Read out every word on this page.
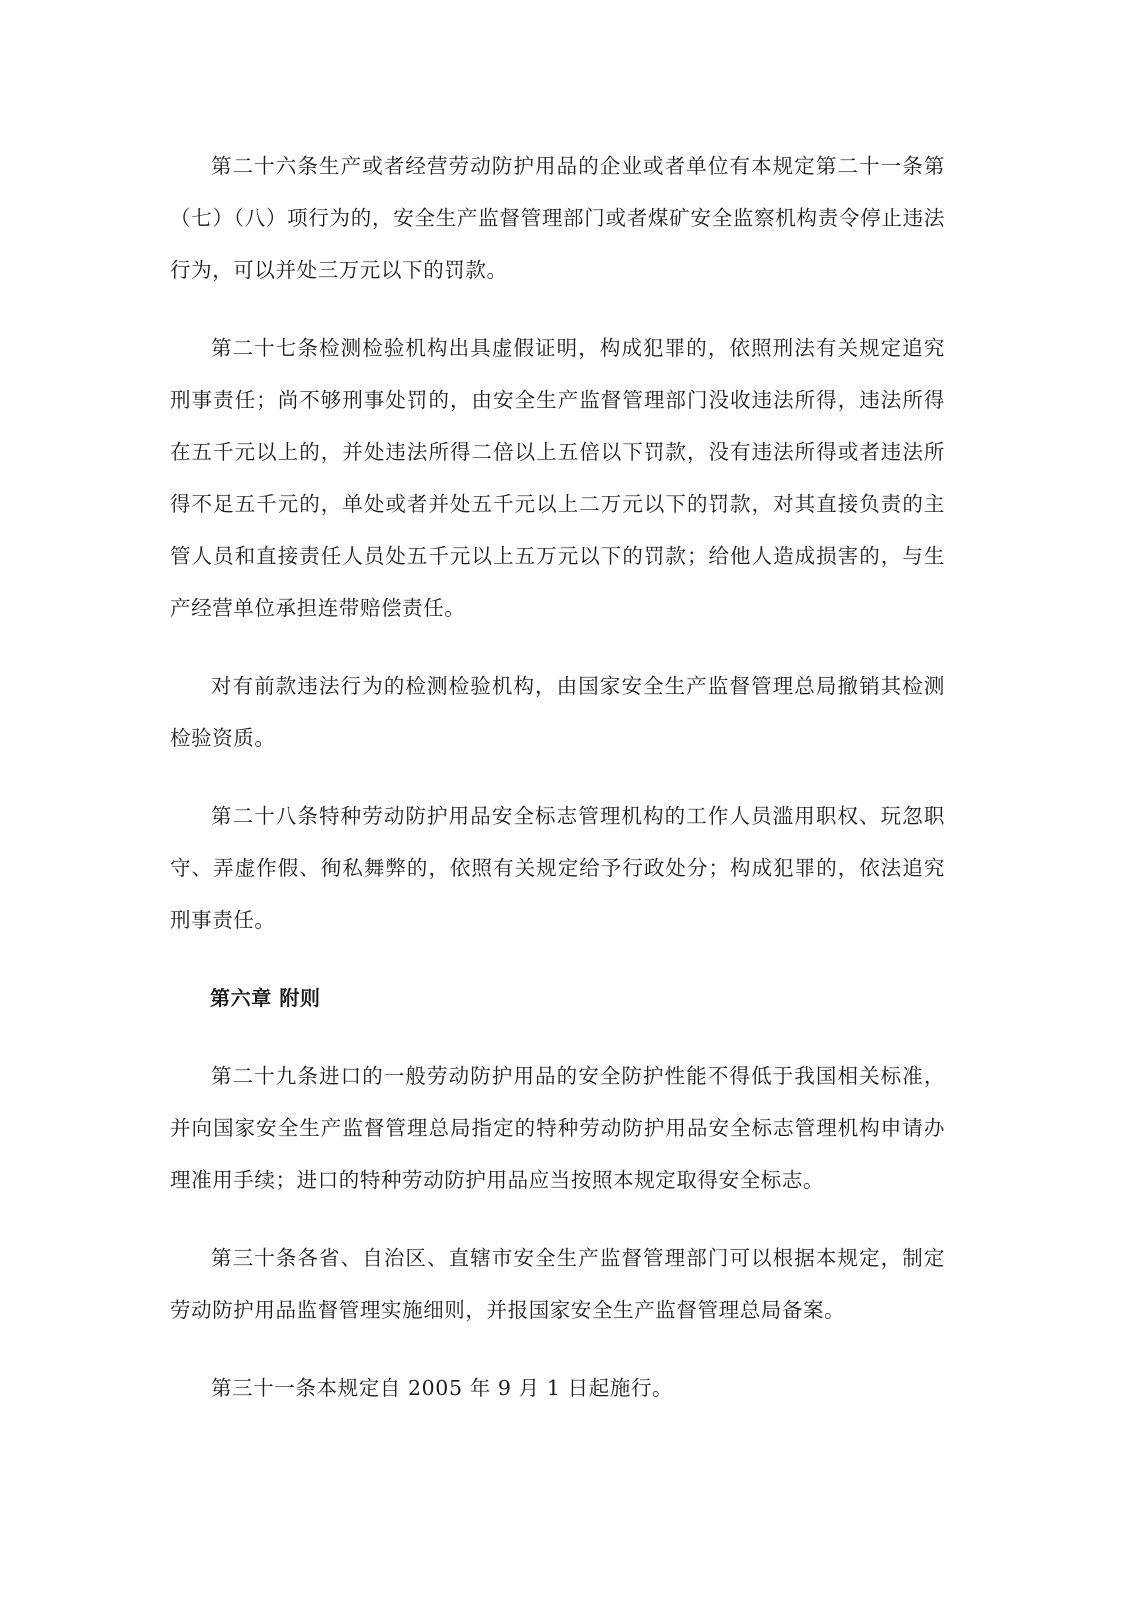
第二十六条生产或者经营劳动防护用品的企业或者单位有本规定第二十一条第（七）（八）项行为的，安全生产监督管理部门或者煤矿安全监察机构责令停止违法行为，可以并处三万元以下的罚款。

第二十七条检测检验机构出具虚假证明，构成犯罪的，依照刑法有关规定追究刑事责任；尚不够刑事处罚的，由安全生产监督管理部门没收违法所得，违法所得在五千元以上的，并处违法所得二倍以上五倍以下罚款，没有违法所得或者违法所得不足五千元的，单处或者并处五千元以上二万元以下的罚款，对其直接负责的主管人员和直接责任人员处五千元以上五万元以下的罚款；给他人造成损害的，与生产经营单位承担连带赔偿责任。

对有前款违法行为的检测检验机构，由国家安全生产监督管理总局撤销其检测检验资质。

第二十八条特种劳动防护用品安全标志管理机构的工作人员滥用职权、玩忽职守、弄虚作假、徇私舞弊的，依照有关规定给予行政处分；构成犯罪的，依法追究刑事责任。

第六章 附则

第二十九条进口的一般劳动防护用品的安全防护性能不得低于我国相关标准，并向国家安全生产监督管理总局指定的特种劳动防护用品安全标志管理机构申请办理准用手续；进口的特种劳动防护用品应当按照本规定取得安全标志。

第三十条各省、自治区、直辖市安全生产监督管理部门可以根据本规定，制定劳动防护用品监督管理实施细则，并报国家安全生产监督管理总局备案。

第三十一条本规定自 2005 年 9 月 1 日起施行。
